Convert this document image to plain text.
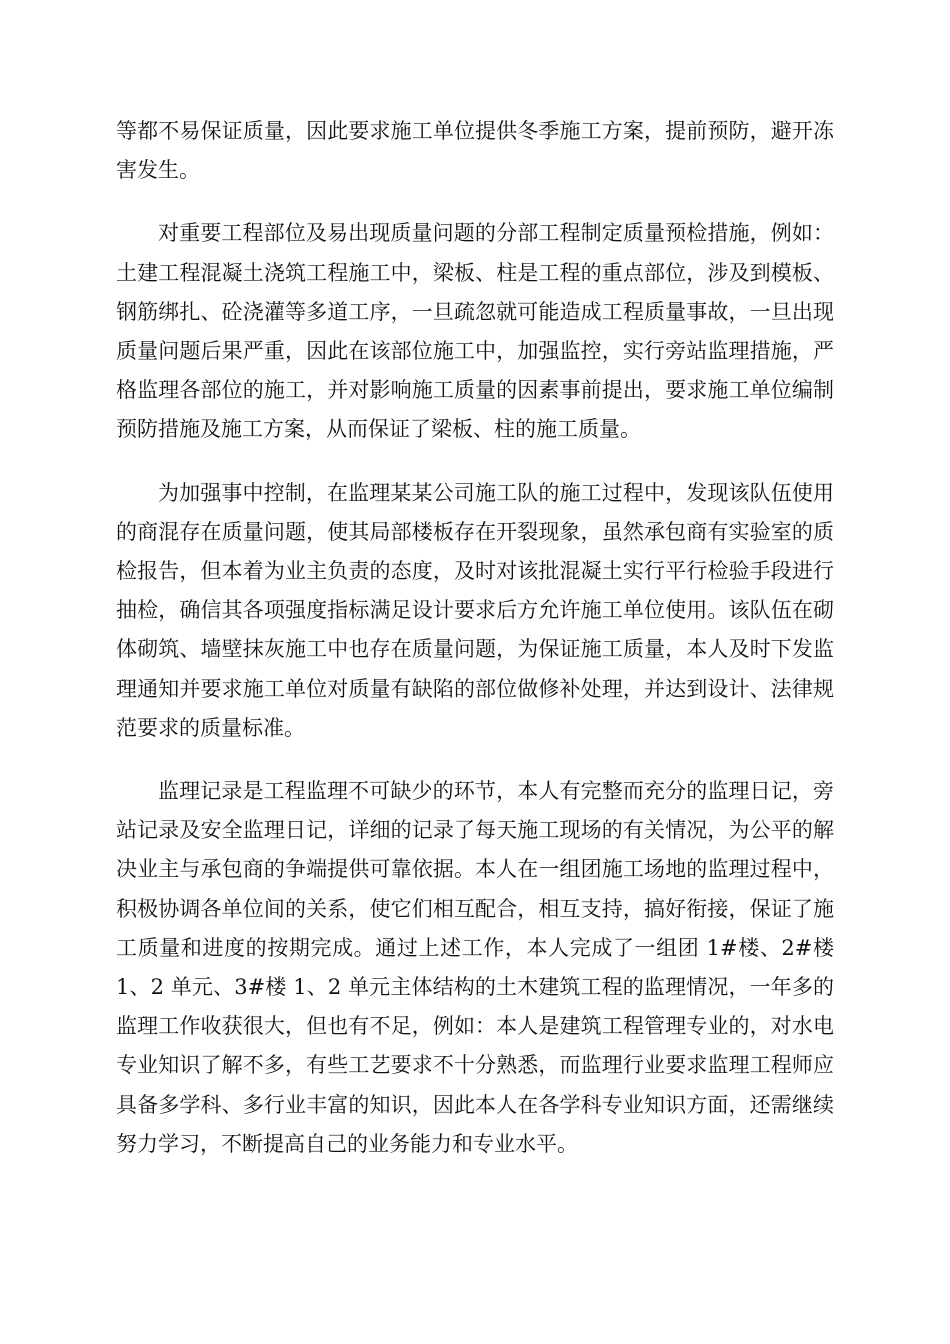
等都不易保证质量，因此要求施工单位提供冬季施工方案，提前预防，避开冻害发生。

对重要工程部位及易出现质量问题的分部工程制定质量预检措施，例如：土建工程混凝土浇筑工程施工中，梁板、柱是工程的重点部位，涉及到模板、钢筋绑扎、砼浇灌等多道工序，一旦疏忽就可能造成工程质量事故，一旦出现质量问题后果严重，因此在该部位施工中，加强监控，实行旁站监理措施，严格监理各部位的施工，并对影响施工质量的因素事前提出，要求施工单位编制预防措施及施工方案，从而保证了梁板、柱的施工质量。

为加强事中控制，在监理某某公司施工队的施工过程中，发现该队伍使用的商混存在质量问题，使其局部楼板存在开裂现象，虽然承包商有实验室的质检报告，但本着为业主负责的态度，及时对该批混凝土实行平行检验手段进行抽检，确信其各项强度指标满足设计要求后方允许施工单位使用。该队伍在砌体砌筑、墙壁抹灰施工中也存在质量问题，为保证施工质量，本人及时下发监理通知并要求施工单位对质量有缺陷的部位做修补处理，并达到设计、法律规范要求的质量标准。

监理记录是工程监理不可缺少的环节，本人有完整而充分的监理日记，旁站记录及安全监理日记，详细的记录了每天施工现场的有关情况，为公平的解决业主与承包商的争端提供可靠依据。本人在一组团施工场地的监理过程中，积极协调各单位间的关系，使它们相互配合，相互支持，搞好衔接，保证了施工质量和进度的按期完成。通过上述工作，本人完成了一组团 1#楼、2#楼 1、2 单元、3#楼 1、2 单元主体结构的土木建筑工程的监理情况，一年多的监理工作收获很大，但也有不足，例如：本人是建筑工程管理专业的，对水电专业知识了解不多，有些工艺要求不十分熟悉，而监理行业要求监理工程师应具备多学科、多行业丰富的知识，因此本人在各学科专业知识方面，还需继续努力学习，不断提高自己的业务能力和专业水平。
